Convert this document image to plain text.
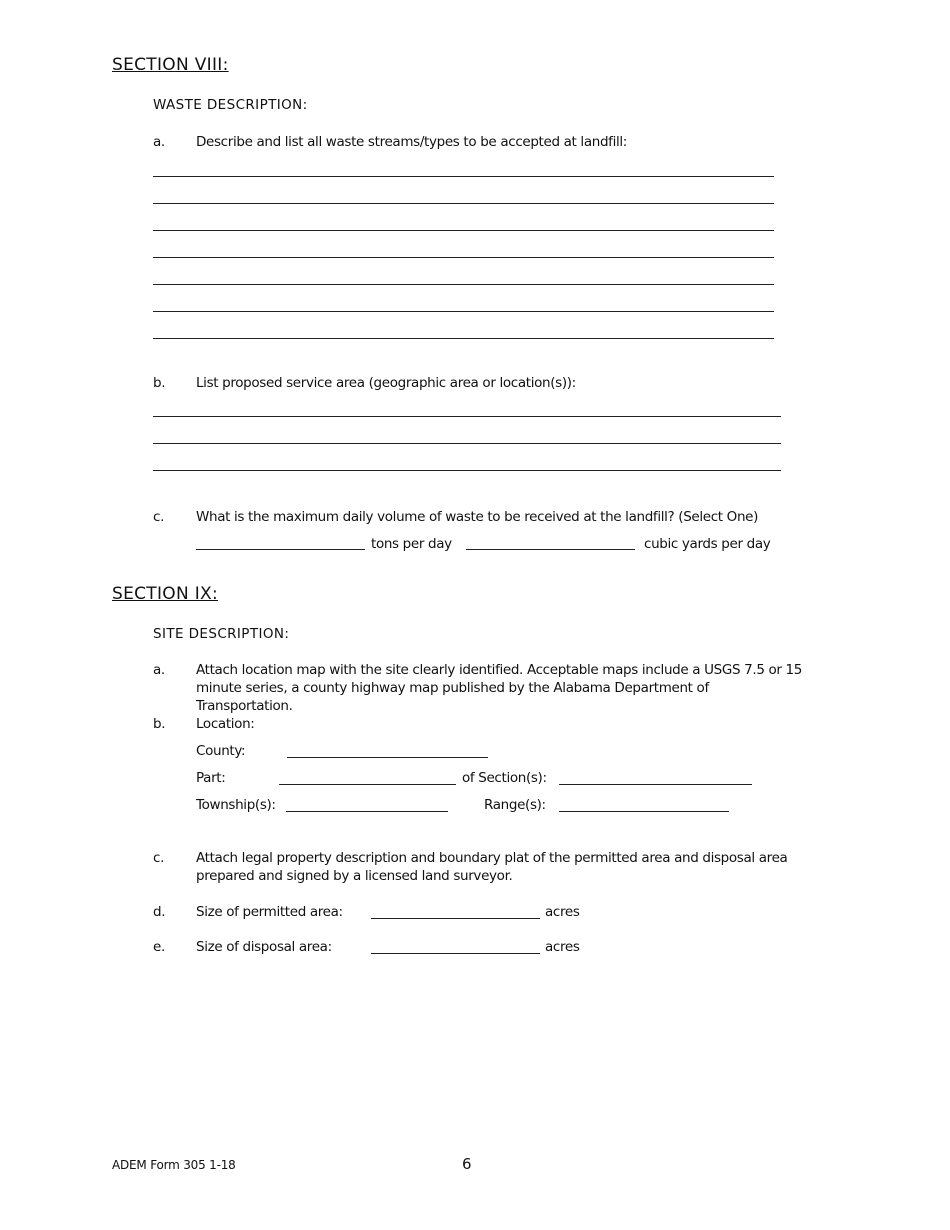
SECTION VIII:
WASTE DESCRIPTION:
a. Describe and list all waste streams/types to be accepted at landfill:
b. List proposed service area (geographic area or location(s)):
c. What is the maximum daily volume of waste to be received at the landfill? (Select One)
tons per day	cubic yards per day
SECTION IX:
SITE DESCRIPTION:
a. Attach location map with the site clearly identified. Acceptable maps include a USGS 7.5 or 15 minute series, a county highway map published by the Alabama Department of Transportation.
b. Location:
County:
Part:	of Section(s):
Township(s):	Range(s):
c. Attach legal property description and boundary plat of the permitted area and disposal area prepared and signed by a licensed land surveyor.
d. Size of permitted area:	acres
e. Size of disposal area:	acres
ADEM Form 305 1-18	6
